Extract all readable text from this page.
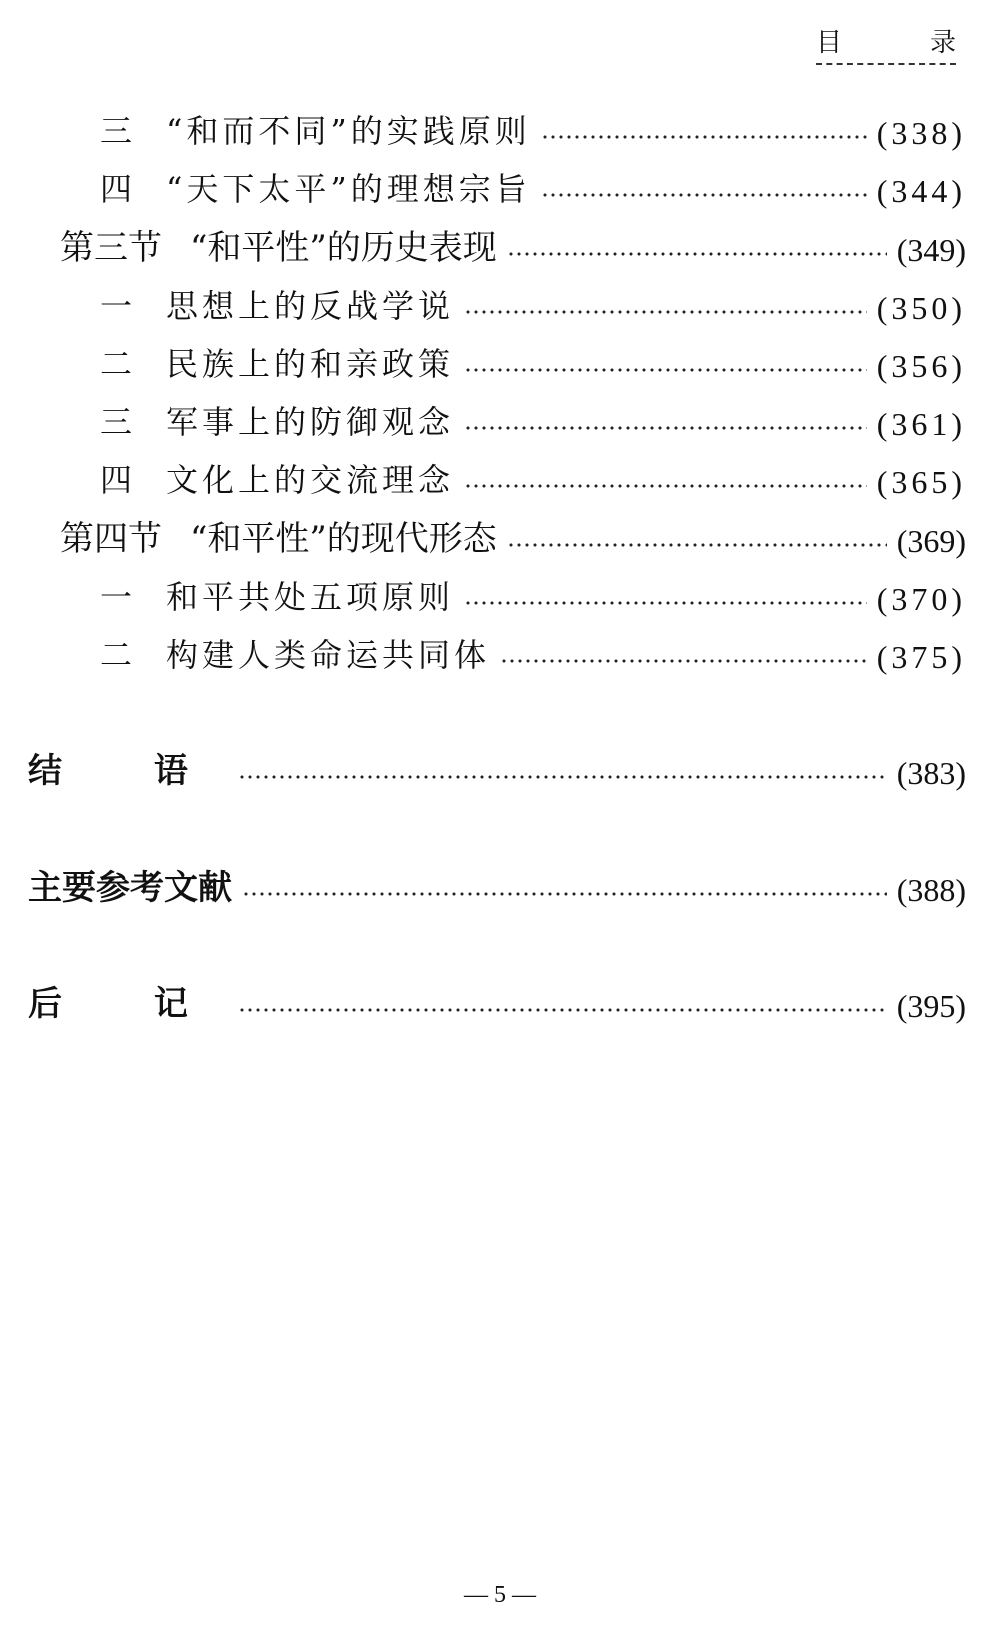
目	录
三 “和而不同”的实践原则	(338)
四 “天下太平”的理想宗旨	(344)
第三节 “和平性”的历史表现	(349)
一 思想上的反战学说	(350)
二 民族上的和亲政策	(356)
三 军事上的防御观念	(361)
四 文化上的交流理念	(365)
第四节 “和平性”的现代形态	(369)
一 和平共处五项原则	(370)
二 构建人类命运共同体	(375)
结 语	(383)
主要参考文献	(388)
后 记	(395)
— 5 —
